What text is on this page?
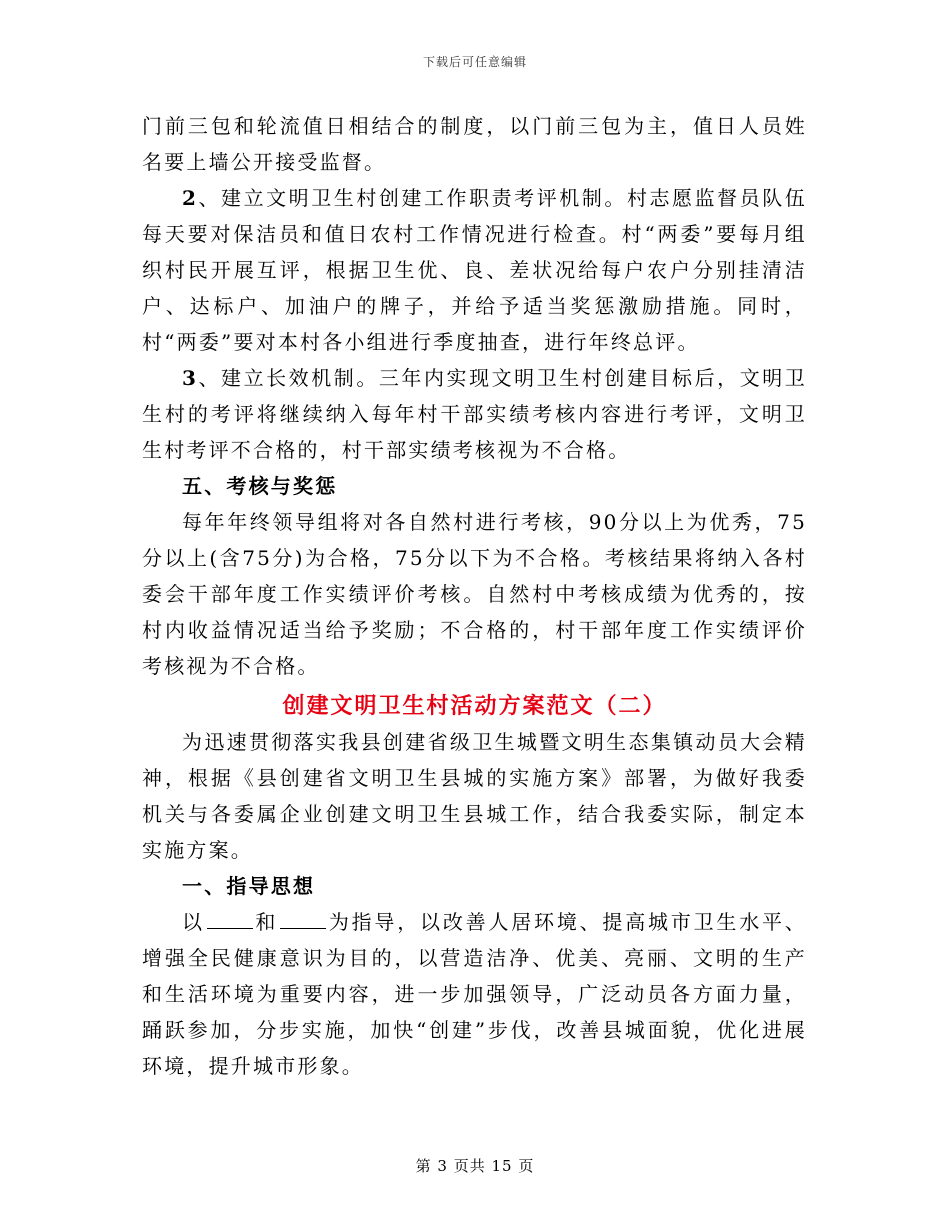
下载后可任意编辑

门前三包和轮流值日相结合的制度，以门前三包为主，值日人员姓名要上墙公开接受监督。

2、建立文明卫生村创建工作职责考评机制。村志愿监督员队伍每天要对保洁员和值日农村工作情况进行检查。村“两委”要每月组织村民开展互评，根据卫生优、良、差状况给每户农户分别挂清洁户、达标户、加油户的牌子，并给予适当奖惩激励措施。同时，村“两委”要对本村各小组进行季度抽查，进行年终总评。

3、建立长效机制。三年内实现文明卫生村创建目标后，文明卫生村的考评将继续纳入每年村干部实绩考核内容进行考评，文明卫生村考评不合格的，村干部实绩考核视为不合格。

五、考核与奖惩

每年年终领导组将对各自然村进行考核，90分以上为优秀，75分以上(含75分)为合格，75分以下为不合格。考核结果将纳入各村委会干部年度工作实绩评价考核。自然村中考核成绩为优秀的，按村内收益情况适当给予奖励；不合格的，村干部年度工作实绩评价考核视为不合格。

创建文明卫生村活动方案范文（二）

为迅速贯彻落实我县创建省级卫生城暨文明生态集镇动员大会精神，根据《县创建省文明卫生县城的实施方案》部署，为做好我委机关与各委属企业创建文明卫生县城工作，结合我委实际，制定本实施方案。

一、指导思想

以	和	为指导，以改善人居环境、提高城市卫生水平、增强全民健康意识为目的，以营造洁净、优美、亮丽、文明的生产和生活环境为重要内容，进一步加强领导，广泛动员各方面力量，踊跃参加，分步实施，加快“创建”步伐，改善县城面貌，优化进展环境，提升城市形象。

第 3 页共 15 页
